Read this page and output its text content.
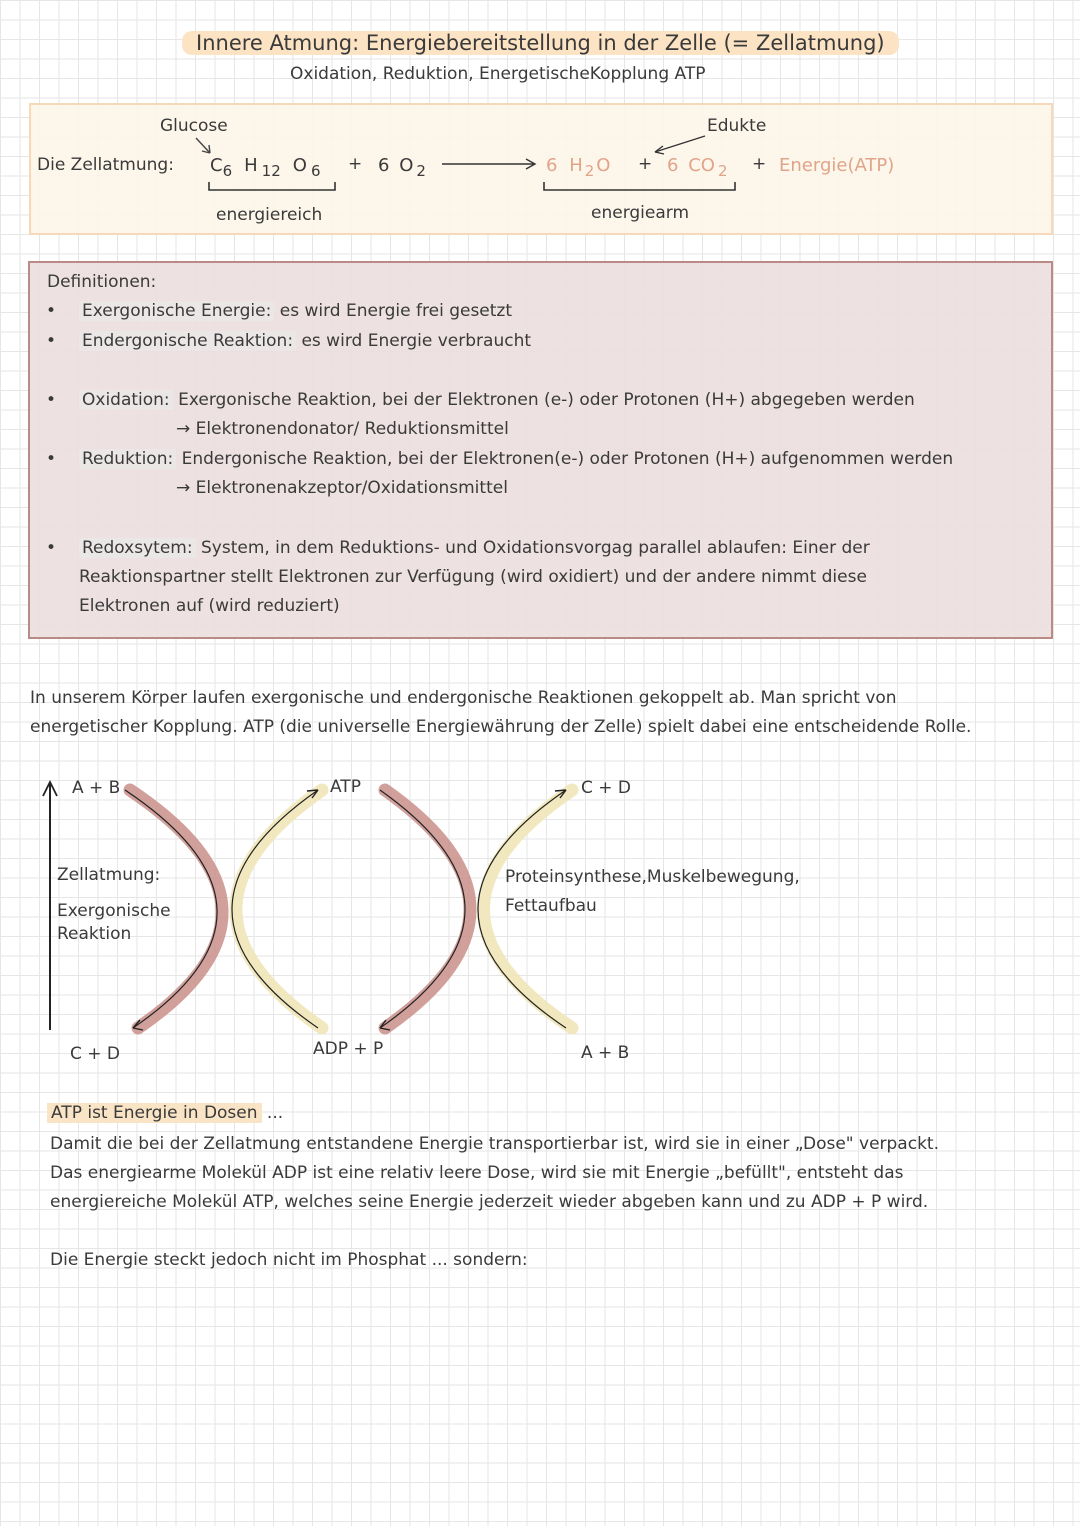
Innere Atmung: Energiebereitstellung in der Zelle (= Zellatmung)
Oxidation, Reduktion, EnergetischeKopplung ATP
Glucose
Die Zellatmung: $C_6$ H $_{12}$ O $_6$
energiereich
+ 6 O $_2$	6 H $_2$ O + 6 CO $_2$ + Energie(ATP)
Edukte
energiearm
Definitionen:
• Exergonische Energie: es wird Energie frei gesetzt
• Endergonische Reaktion: es wird Energie verbraucht
• Oxidation: Exergonische Reaktion, bei der Elektronen (e-) oder Protonen (H+) abgegeben werden
→ Elektronendonator/ Reduktionsmittel
• Reduktion: Endergonische Reaktion, bei der Elektronen(e-) oder Protonen (H+) aufgenommen werden
→ Elektronenakzeptor/Oxidationsmittel
• Redoxsytem: System, in dem Reduktions- und Oxidationsvorgag parallel ablaufen: Einer der
Reaktionspartner stellt Elektronen zur Verfügung (wird oxidiert) und der andere nimmt diese
Elektronen auf (wird reduziert)
In unserem Körper laufen exergonische und endergonische Reaktionen gekoppelt ab. Man spricht von
energetischer Kopplung. ATP (die universelle Energiewährung der Zelle) spielt dabei eine entscheidende Rolle.
A + B	ATP	C + D
Zellatmung:
Exergonische
Reaktion
Proteinsynthese,Muskelbewegung,
Fettaufbau
C + D	ADP + P	A + B
ATP ist Energie in Dosen ...
Damit die bei der Zellatmung entstandene Energie transportierbar ist, wird sie in einer „Dose" verpackt.
Das energiearme Molekül ADP ist eine relativ leere Dose, wird sie mit Energie „befüllt", entsteht das
energiereiche Molekül ATP, welches seine Energie jederzeit wieder abgeben kann und zu ADP + P wird.
Die Energie steckt jedoch nicht im Phosphat ... sondern:
